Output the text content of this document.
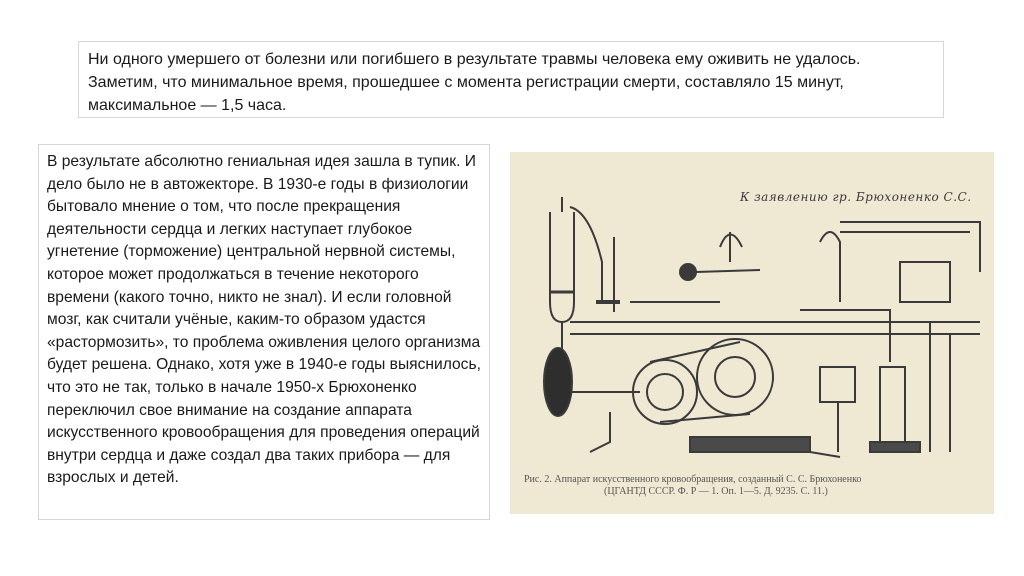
Ни одного умершего от болезни или погибшего в результате травмы человека ему оживить не удалось. Заметим, что минимальное время, прошедшее с момента регистрации смерти, составляло 15 минут, максимальное — 1,5 часа.
В результате абсолютно гениальная идея зашла в тупик. И дело было не в автожекторе. В 1930-е годы в физиологии бытовало мнение о том, что после прекращения деятельности сердца и легких наступает глубокое угнетение (торможение) центральной нервной системы, которое может продолжаться в течение некоторого времени (какого точно, никто не знал). И если головной мозг, как считали учёные, каким-то образом удастся «растормозить», то проблема оживления целого организма будет решена. Однако, хотя уже в 1940-е годы выяснилось, что это не так, только в начале 1950-х Брюхоненко переключил свое внимание на создание аппарата искусственного кровообращения для проведения операций внутри сердца и даже создал два таких прибора — для взрослых и детей.
К заявлению гр. Брюхоненко С.С.
Рис. 2. Аппарат искусственного кровообращения, созданный С. С. Брюхоненко
(ЦГАНТД СССР. Ф. Р — 1. Оп. 1—5. Д. 9235. С. 11.)
